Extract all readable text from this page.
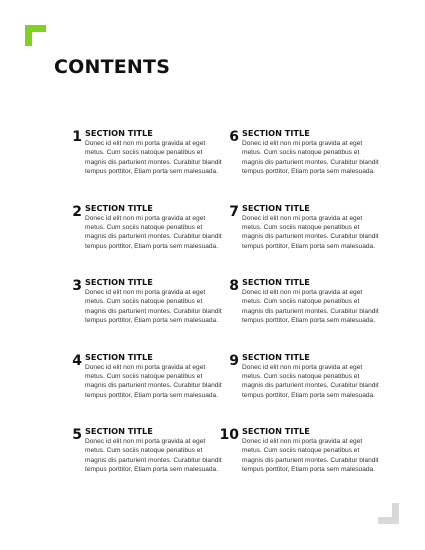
CONTENTS
1 SECTION TITLE
Donec id elit non mi porta gravida at eget metus. Cum sociis natoque penatibus et magnis dis parturient montes. Curabitur blandit tempus porttitor, Etiam porta sem malesuada.
2 SECTION TITLE
Donec id elit non mi porta gravida at eget metus. Cum sociis natoque penatibus et magnis dis parturient montes. Curabitur blandit tempus porttitor, Etiam porta sem malesuada.
3 SECTION TITLE
Donec id elit non mi porta gravida at eget metus. Cum sociis natoque penatibus et magnis dis parturient montes. Curabitur blandit tempus porttitor, Etiam porta sem malesuada.
4 SECTION TITLE
Donec id elit non mi porta gravida at eget metus. Cum sociis natoque penatibus et magnis dis parturient montes. Curabitur blandit tempus porttitor, Etiam porta sem malesuada.
5 SECTION TITLE
Donec id elit non mi porta gravida at eget metus. Cum sociis natoque penatibus et magnis dis parturient montes. Curabitur blandit tempus porttitor, Etiam porta sem malesuada.
6 SECTION TITLE
Donec id elit non mi porta gravida at eget metus. Cum sociis natoque penatibus et magnis dis parturient montes. Curabitur blandit tempus porttitor, Etiam porta sem malesuada.
7 SECTION TITLE
Donec id elit non mi porta gravida at eget metus. Cum sociis natoque penatibus et magnis dis parturient montes. Curabitur blandit tempus porttitor, Etiam porta sem malesuada.
8 SECTION TITLE
Donec id elit non mi porta gravida at eget metus. Cum sociis natoque penatibus et magnis dis parturient montes. Curabitur blandit tempus porttitor, Etiam porta sem malesuada.
9 SECTION TITLE
Donec id elit non mi porta gravida at eget metus. Cum sociis natoque penatibus et magnis dis parturient montes. Curabitur blandit tempus porttitor, Etiam porta sem malesuada.
10 SECTION TITLE
Donec id elit non mi porta gravida at eget metus. Cum sociis natoque penatibus et magnis dis parturient montes. Curabitur blandit tempus porttitor, Etiam porta sem malesuada.
